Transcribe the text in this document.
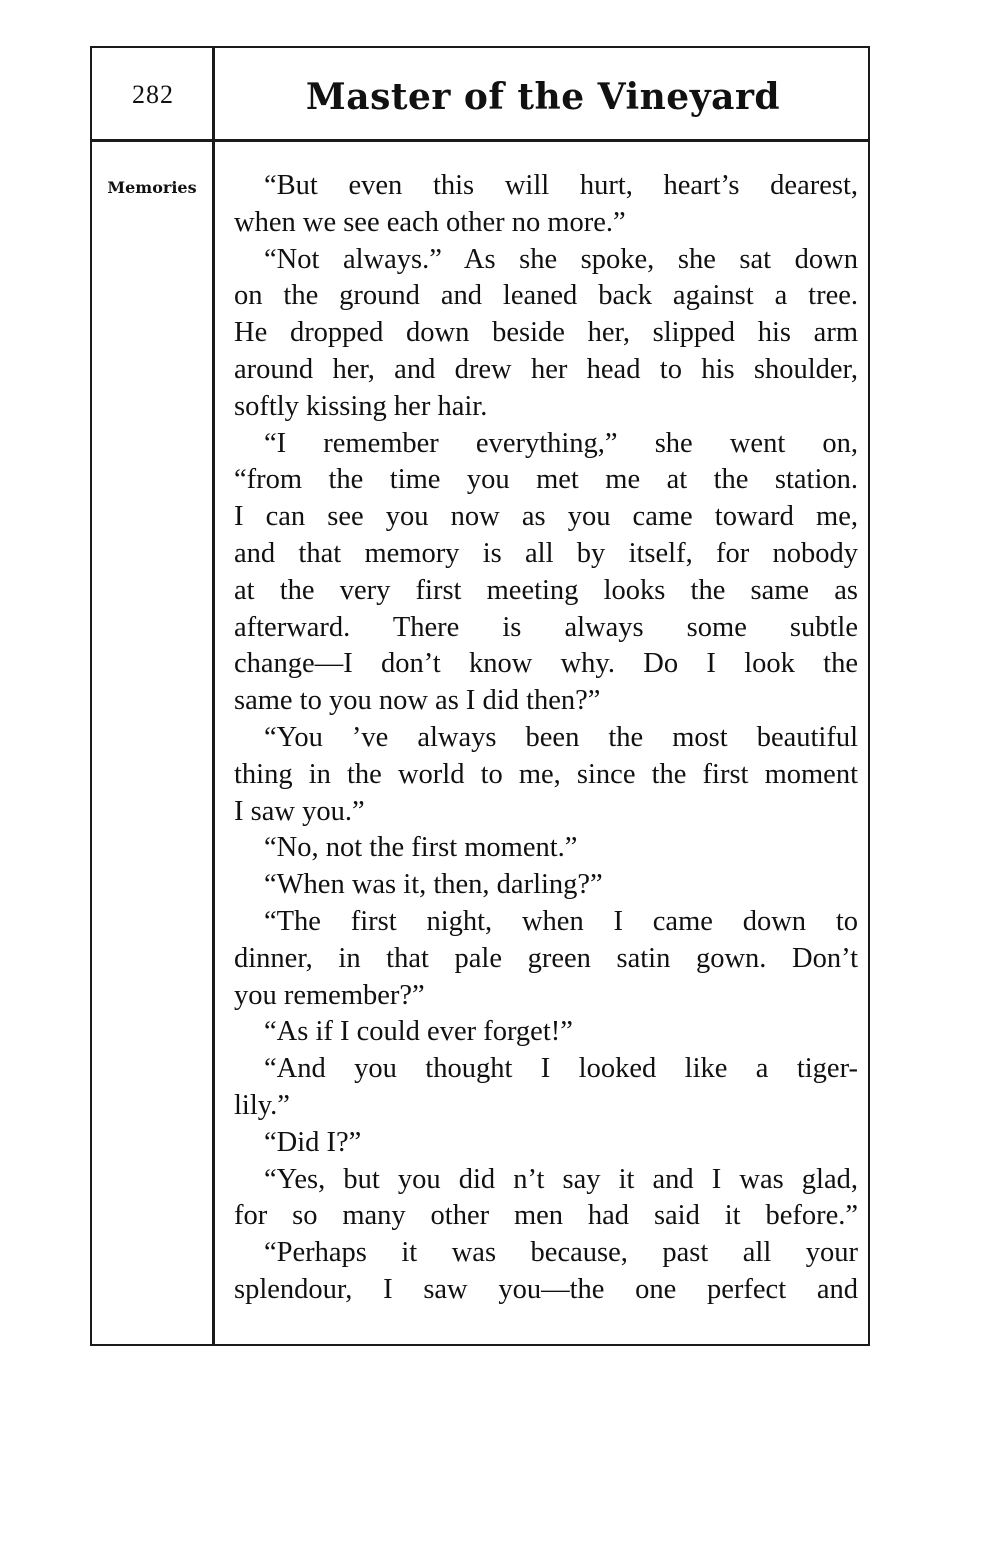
282	Master of the Vineyard
Memories	“But even this will hurt, heart’s dearest,
when we see each other no more.”
“Not always.” As she spoke, she sat down
on the ground and leaned back against a tree.
He dropped down beside her, slipped his arm
around her, and drew her head to his shoulder,
softly kissing her hair.
“I remember everything,” she went on,
“from the time you met me at the station.
I can see you now as you came toward me,
and that memory is all by itself, for nobody
at the very first meeting looks the same as
afterward. There is always some subtle
change—I don’t know why. Do I look the
same to you now as I did then?”
“You ’ve always been the most beautiful
thing in the world to me, since the first moment
I saw you.”
“No, not the first moment.”
“When was it, then, darling?”
“The first night, when I came down to
dinner, in that pale green satin gown. Don’t
you remember?”
“As if I could ever forget!”
“And you thought I looked like a tiger-
lily.”
“Did I?”
“Yes, but you did n’t say it and I was glad,
for so many other men had said it before.”
“Perhaps it was because, past all your
splendour, I saw you—the one perfect and
